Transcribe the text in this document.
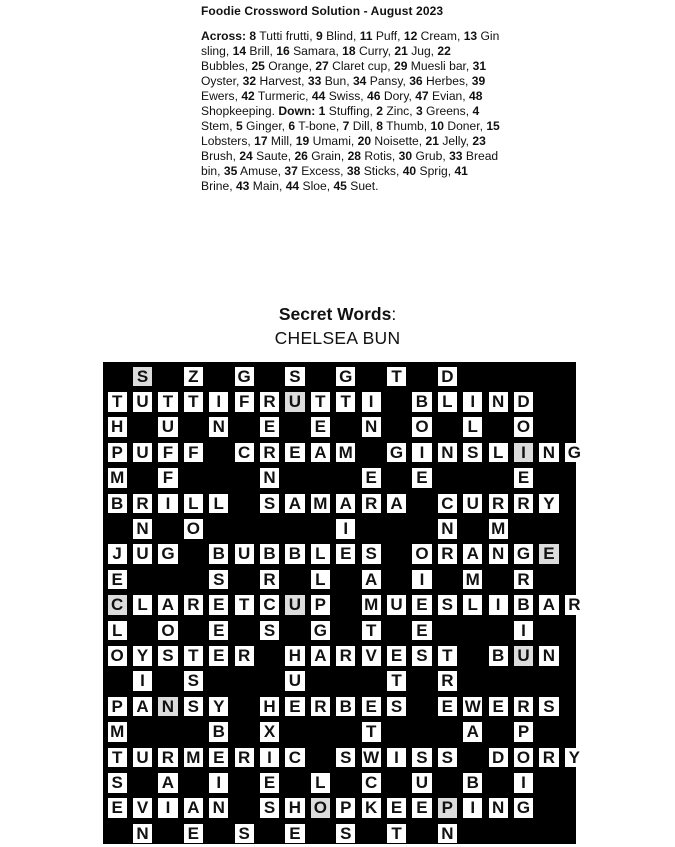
Foodie Crossword Solution - August 2023
Across: 8 Tutti frutti, 9 Blind, 11 Puff, 12 Cream, 13 Gin sling, 14 Brill, 16 Samara, 18 Curry, 21 Jug, 22 Bubbles, 25 Orange, 27 Claret cup, 29 Muesli bar, 31 Oyster, 32 Harvest, 33 Bun, 34 Pansy, 36 Herbes, 39 Ewers, 42 Turmeric, 44 Swiss, 46 Dory, 47 Evian, 48 Shopkeeping. Down: 1 Stuffing, 2 Zinc, 3 Greens, 4 Stem, 5 Ginger, 6 T-bone, 7 Dill, 8 Thumb, 10 Doner, 15 Lobsters, 17 Mill, 19 Umami, 20 Noisette, 21 Jelly, 23 Brush, 24 Saute, 26 Grain, 28 Rotis, 30 Grub, 33 Bread bin, 35 Amuse, 37 Excess, 38 Sticks, 40 Sprig, 41 Brine, 43 Main, 44 Sloe, 45 Suet.
Secret Words:
CHELSEA BUN
S Z G S G T D
T U T T	I	F R U T T	I	B L	I N D
H U N E E N O L O
P U F F C R E A M G I N S L	I N G
M F	N	E E	E
B R I	L L S A M A R A C U R R Y
N O	I	N M
J U G B U B B L E S O R A N G E
E	S R L A	I	M R
C L A R E T C U P M U E S L	I B A R
L O E S G T E	I
O Y S T E R H A R V E S T B U N
I	S	U	T R
P A N S Y H E R B E S E W E R S
M	B X	T	A P
T U R M E R I C S W I	S S D O R Y
S A	I	E L C U B	I
E V	I A N S H O P K E E P	I N G
N E S E S T N
